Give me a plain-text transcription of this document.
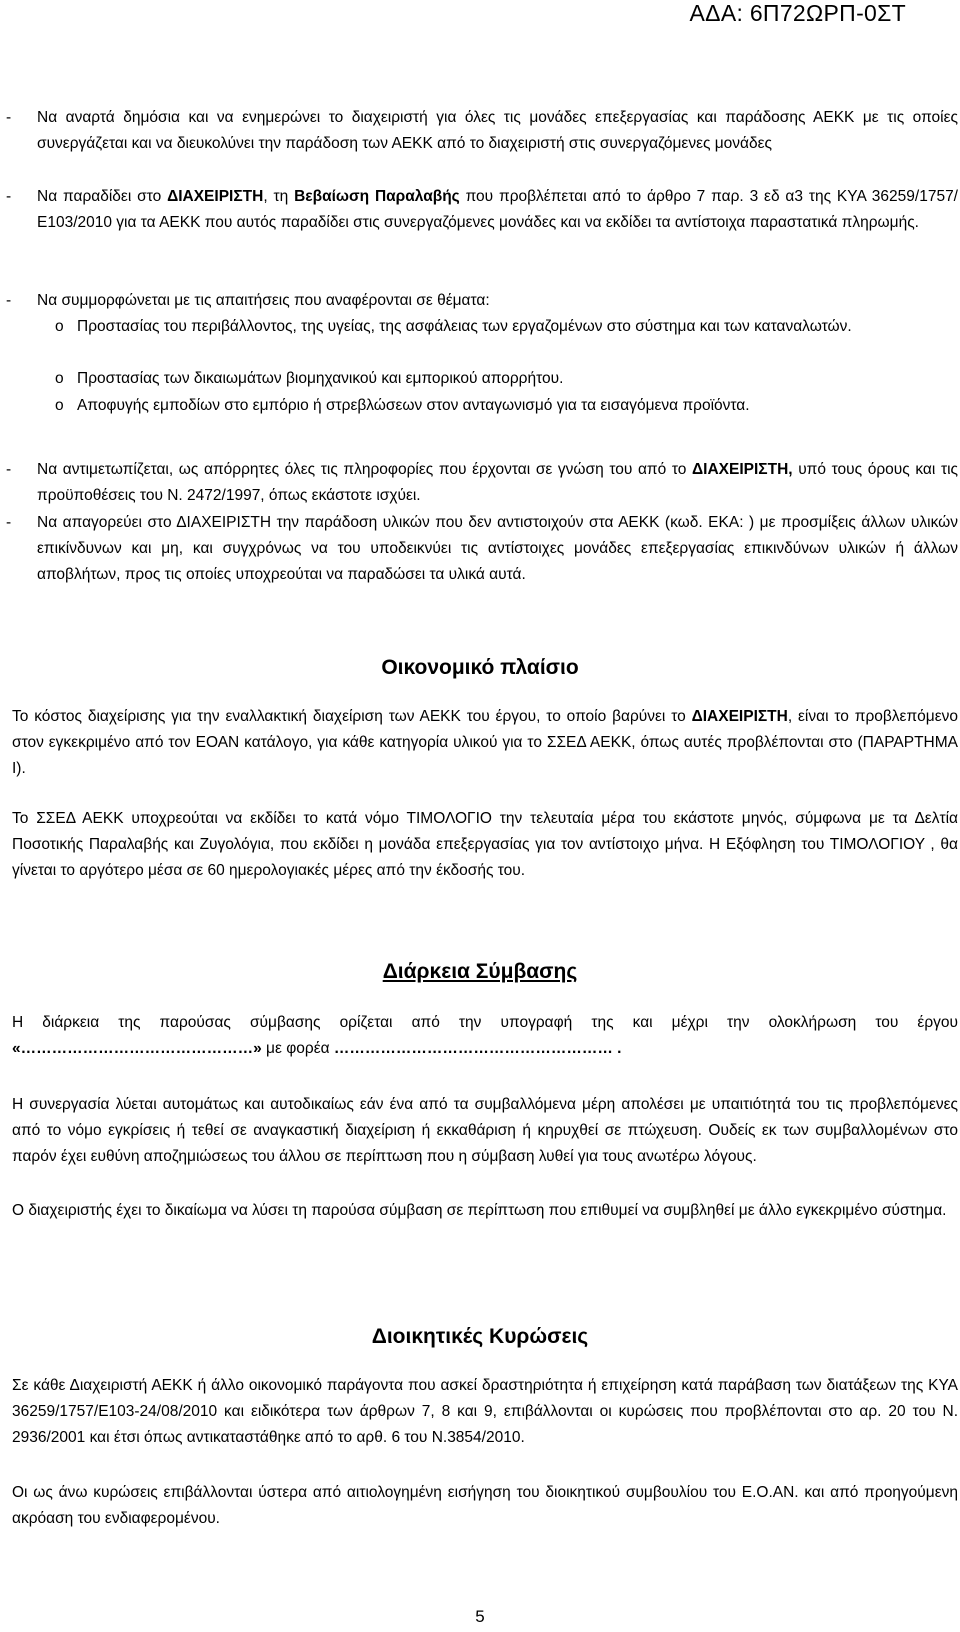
ΑΔΑ: 6Π72ΩΡΠ-0ΣΤ
- Να αναρτά δημόσια και να ενημερώνει το διαχειριστή για όλες τις μονάδες επεξεργασίας και παράδοσης ΑΕΚΚ με τις οποίες συνεργάζεται και να διευκολύνει την παράδοση των ΑΕΚΚ από το διαχειριστή στις συνεργαζόμενες μονάδες
- Να παραδίδει στο ΔΙΑΧΕΙΡΙΣΤΗ, τη Βεβαίωση Παραλαβής που προβλέπεται από το άρθρο 7 παρ. 3 εδ α3 της ΚΥΑ 36259/1757/Ε103/2010 για τα ΑΕΚΚ που αυτός παραδίδει στις συνεργαζόμενες μονάδες και να εκδίδει τα αντίστοιχα παραστατικά πληρωμής.
- Να συμμορφώνεται με τις απαιτήσεις που αναφέρονται σε θέματα:
o Προστασίας του περιβάλλοντος, της υγείας, της ασφάλειας των εργαζομένων στο σύστημα και των καταναλωτών.
o Προστασίας των δικαιωμάτων βιομηχανικού και εμπορικού απορρήτου.
o Αποφυγής εμποδίων στο εμπόριο ή στρεβλώσεων στον ανταγωνισμό για τα εισαγόμενα προϊόντα.
- Να αντιμετωπίζεται, ως απόρρητες όλες τις πληροφορίες που έρχονται σε γνώση του από το ΔΙΑΧΕΙΡΙΣΤΗ, υπό τους όρους και τις προϋποθέσεις του Ν. 2472/1997, όπως εκάστοτε ισχύει.
- Να απαγορεύει στο ΔΙΑΧΕΙΡΙΣΤΗ την παράδοση υλικών που δεν αντιστοιχούν στα ΑΕΚΚ (κωδ. ΕΚΑ: ) με προσμίξεις άλλων υλικών επικίνδυνων και μη, και συγχρόνως να του υποδεικνύει τις αντίστοιχες μονάδες επεξεργασίας επικινδύνων υλικών ή άλλων αποβλήτων, προς τις οποίες υποχρεούται να παραδώσει τα υλικά αυτά.
Οικονομικό πλαίσιο
Το κόστος διαχείρισης για την εναλλακτική διαχείριση των ΑΕΚΚ του έργου, το οποίο βαρύνει το ΔΙΑΧΕΙΡΙΣΤΗ, είναι το προβλεπόμενο στον εγκεκριμένο από τον ΕΟΑΝ κατάλογο, για κάθε κατηγορία υλικού για το ΣΣΕΔ ΑΕΚΚ, όπως αυτές προβλέπονται στο (ΠΑΡΑΡΤΗΜΑ Ι).
Το ΣΣΕΔ ΑΕΚΚ υποχρεούται να εκδίδει το κατά νόμο ΤΙΜΟΛΟΓΙΟ την τελευταία μέρα του εκάστοτε μηνός, σύμφωνα με τα Δελτία Ποσοτικής Παραλαβής και Ζυγολόγια, που εκδίδει η μονάδα επεξεργασίας για τον αντίστοιχο μήνα. Η Εξόφληση του ΤΙΜΟΛΟΓΙΟΥ , θα γίνεται το αργότερο μέσα σε 60 ημερολογιακές μέρες από την έκδοσής του.
Διάρκεια Σύμβασης
Η διάρκεια της παρούσας σύμβασης ορίζεται από την υπογραφή της και μέχρι την ολοκλήρωση του έργου «………………………………………» με φορέα ……………………………………………… .
Η συνεργασία λύεται αυτομάτως και αυτοδικαίως εάν ένα από τα συμβαλλόμενα μέρη απολέσει με υπαιτιότητά του τις προβλεπόμενες από το νόμο εγκρίσεις ή τεθεί σε αναγκαστική διαχείριση ή εκκαθάριση ή κηρυχθεί σε πτώχευση. Ουδείς εκ των συμβαλλομένων στο παρόν έχει ευθύνη αποζημιώσεως του άλλου σε περίπτωση που η σύμβαση λυθεί για τους ανωτέρω λόγους.
Ο διαχειριστής έχει το δικαίωμα να λύσει τη παρούσα σύμβαση σε περίπτωση που επιθυμεί να συμβληθεί με άλλο εγκεκριμένο σύστημα.
Διοικητικές Κυρώσεις
Σε κάθε Διαχειριστή ΑΕΚΚ ή άλλο οικονομικό παράγοντα που ασκεί δραστηριότητα ή επιχείρηση κατά παράβαση των διατάξεων της ΚΥΑ 36259/1757/Ε103-24/08/2010 και ειδικότερα των άρθρων 7, 8 και 9, επιβάλλονται οι κυρώσεις που προβλέπονται στο αρ. 20 του Ν. 2936/2001 και έτσι όπως αντικαταστάθηκε από το αρθ. 6 του Ν.3854/2010.
Οι ως άνω κυρώσεις επιβάλλονται ύστερα από αιτιολογημένη εισήγηση του διοικητικού συμβουλίου του Ε.Ο.ΑΝ. και από προηγούμενη ακρόαση του ενδιαφερομένου.
5
